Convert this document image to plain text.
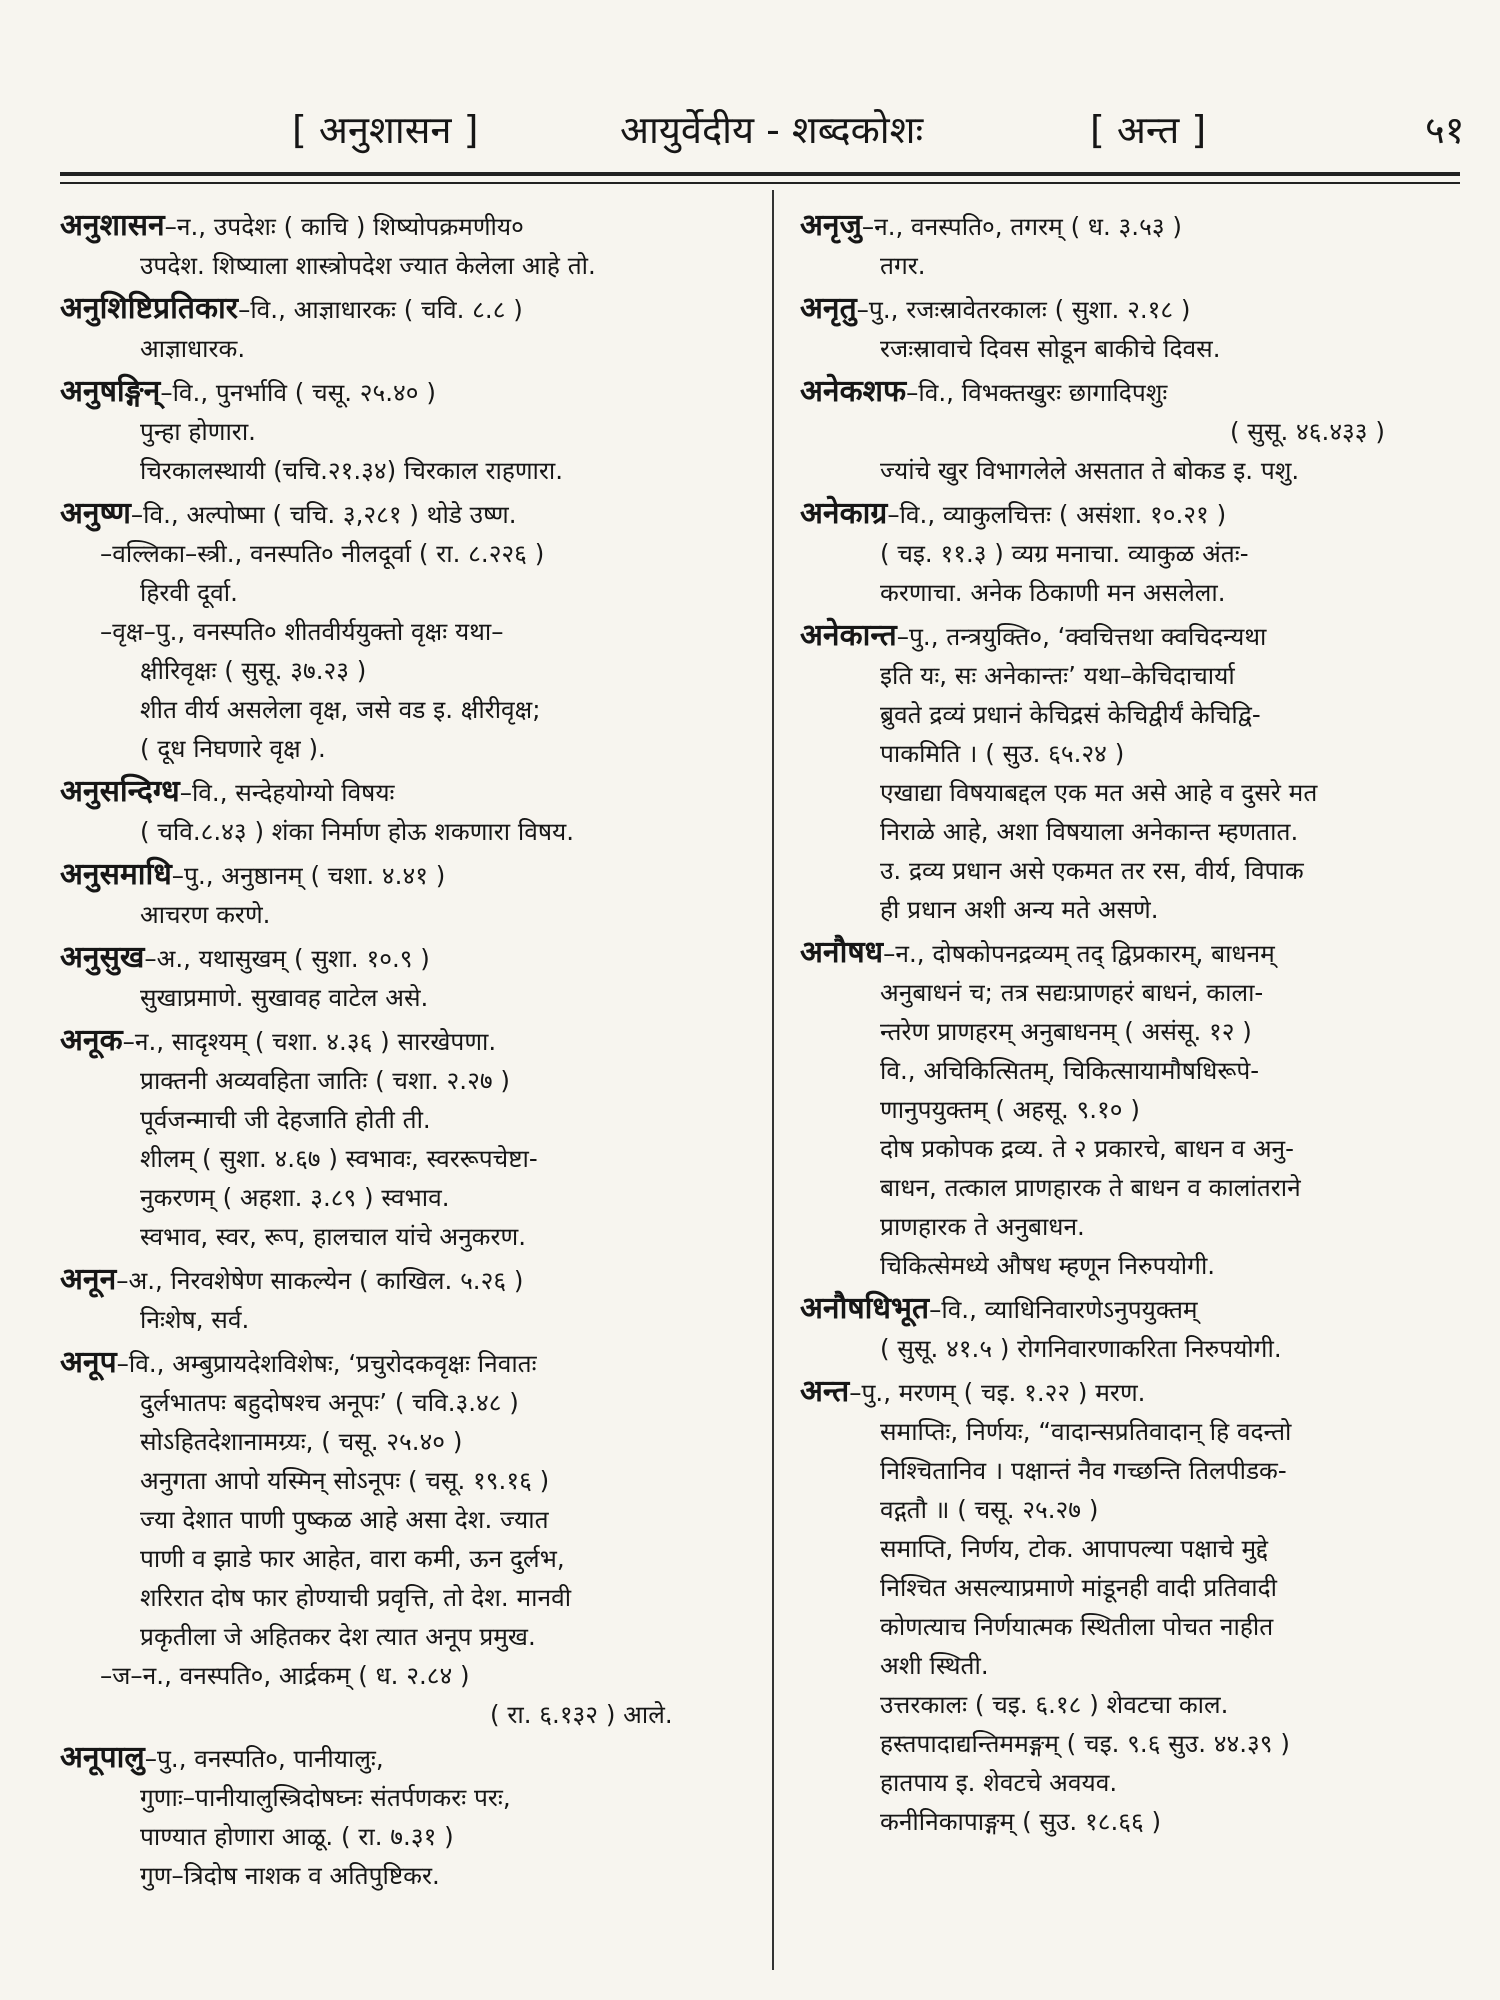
[ अनुशासन ]	आयुर्वेदीय - शब्दकोशः	[ अन्त ]	५१
अनुशासन–न., उपदेशः ( काचि ) शिष्योपक्रमणीय०
उपदेश. शिष्याला शास्त्रोपदेश ज्यात केलेला आहे तो.
अनुशिष्टिप्रतिकार–वि., आज्ञाधारकः ( चवि. ८.८ )
आज्ञाधारक.
अनुषङ्गिन्–वि., पुनर्भावि ( चसू. २५.४० )
पुन्हा होणारा.
चिरकालस्थायी (चचि.२१.३४) चिरकाल राहणारा.
अनुष्ण–वि., अल्पोष्मा ( चचि. ३,२८१ ) थोडे उष्ण.
–वल्लिका–स्त्री., वनस्पति० नीलदूर्वा ( रा. ८.२२६ )
हिरवी दूर्वा.
–वृक्ष–पु., वनस्पति० शीतवीर्ययुक्तो वृक्षः यथा–
क्षीरिवृक्षः ( सुसू. ३७.२३ )
शीत वीर्य असलेला वृक्ष, जसे वड इ. क्षीरीवृक्ष;
( दूध निघणारे वृक्ष ).
अनुसन्दिग्ध–वि., सन्देहयोग्यो विषयः
( चवि.८.४३ ) शंका निर्माण होऊ शकणारा विषय.
अनुसमाधि–पु., अनुष्ठानम् ( चशा. ४.४१ )
आचरण करणे.
अनुसुख–अ., यथासुखम् ( सुशा. १०.९ )
सुखाप्रमाणे. सुखावह वाटेल असे.
अनूक–न., सादृश्यम् ( चशा. ४.३६ ) सारखेपणा.
प्राक्तनी अव्यवहिता जातिः ( चशा. २.२७ )
पूर्वजन्माची जी देहजाति होती ती.
शीलम् ( सुशा. ४.६७ ) स्वभावः, स्वररूपचेष्टा-
नुकरणम् ( अहशा. ३.८९ ) स्वभाव.
स्वभाव, स्वर, रूप, हालचाल यांचे अनुकरण.
अनून–अ., निरवशेषेण साकल्येन ( काखिल. ५.२६ )
निःशेष, सर्व.
अनूप–वि., अम्बुप्रायदेशविशेषः, ‘प्रचुरोदकवृक्षः निवातः
दुर्लभातपः बहुदोषश्च अनूपः’ ( चवि.३.४८ )
सोऽहितदेशानामग्र्यः, ( चसू. २५.४० )
अनुगता आपो यस्मिन् सोऽनूपः ( चसू. १९.१६ )
ज्या देशात पाणी पुष्कळ आहे असा देश. ज्यात
पाणी व झाडे फार आहेत, वारा कमी, ऊन दुर्लभ,
शरिरात दोष फार होण्याची प्रवृत्ति, तो देश. मानवी
प्रकृतीला जे अहितकर देश त्यात अनूप प्रमुख.
–ज–न., वनस्पति०, आर्द्रकम् ( ध. २.८४ )
( रा. ६.१३२ ) आले.
अनूपालु–पु., वनस्पति०, पानीयालुः,
गुणाः–पानीयालुस्त्रिदोषघ्नः संतर्पणकरः परः,
पाण्यात होणारा आळू. ( रा. ७.३१ )
गुण–त्रिदोष नाशक व अतिपुष्टिकर.
अनृजु–न., वनस्पति०, तगरम् ( ध. ३.५३ )
तगर.
अनृतु–पु., रजःस्रावेतरकालः ( सुशा. २.१८ )
रजःस्रावाचे दिवस सोडून बाकीचे दिवस.
अनेकशफ–वि., विभक्तखुरः छागादिपशुः
( सुसू. ४६.४३३ )
ज्यांचे खुर विभागलेले असतात ते बोकड इ. पशु.
अनेकाग्र–वि., व्याकुलचित्तः ( असंशा. १०.२१ )
( चइ. ११.३ ) व्यग्र मनाचा. व्याकुळ अंतः-
करणाचा. अनेक ठिकाणी मन असलेला.
अनेकान्त–पु., तन्त्रयुक्ति०, ‘क्वचित्तथा क्वचिदन्यथा
इति यः, सः अनेकान्तः’ यथा–केचिदाचार्या
ब्रुवते द्रव्यं प्रधानं केचिद्रसं केचिद्वीर्यं केचिद्वि-
पाकमिति । ( सुउ. ६५.२४ )
एखाद्या विषयाबद्दल एक मत असे आहे व दुसरे मत
निराळे आहे, अशा विषयाला अनेकान्त म्हणतात.
उ. द्रव्य प्रधान असे एकमत तर रस, वीर्य, विपाक
ही प्रधान अशी अन्य मते असणे.
अनौषध–न., दोषकोपनद्रव्यम् तद् द्विप्रकारम्, बाधनम्
अनुबाधनं च; तत्र सद्यःप्राणहरं बाधनं, काला-
न्तरेण प्राणहरम् अनुबाधनम् ( असंसू. १२ )
वि., अचिकित्सितम्, चिकित्सायामौषधिरूपे-
णानुपयुक्तम् ( अहसू. ९.१० )
दोष प्रकोपक द्रव्य. ते २ प्रकारचे, बाधन व अनु-
बाधन, तत्काल प्राणहारक ते बाधन व कालांतराने
प्राणहारक ते अनुबाधन.
चिकित्सेमध्ये औषध म्हणून निरुपयोगी.
अनौषधिभूत–वि., व्याधिनिवारणेऽनुपयुक्तम्
( सुसू. ४१.५ ) रोगनिवारणाकरिता निरुपयोगी.
अन्त–पु., मरणम् ( चइ. १.२२ ) मरण.
समाप्तिः, निर्णयः, “वादान्सप्रतिवादान् हि वदन्तो
निश्चितानिव । पक्षान्तं नैव गच्छन्ति तिलपीडक-
वद्गतौ ॥ ( चसू. २५.२७ )
समाप्ति, निर्णय, टोक. आपापल्या पक्षाचे मुद्दे
निश्चित असल्याप्रमाणे मांडूनही वादी प्रतिवादी
कोणत्याच निर्णयात्मक स्थितीला पोचत नाहीत
अशी स्थिती.
उत्तरकालः ( चइ. ६.१८ ) शेवटचा काल.
हस्तपादाद्यन्तिममङ्गम् ( चइ. ९.६ सुउ. ४४.३९ )
हातपाय इ. शेवटचे अवयव.
कनीनिकापाङ्गम् ( सुउ. १८.६६ )
